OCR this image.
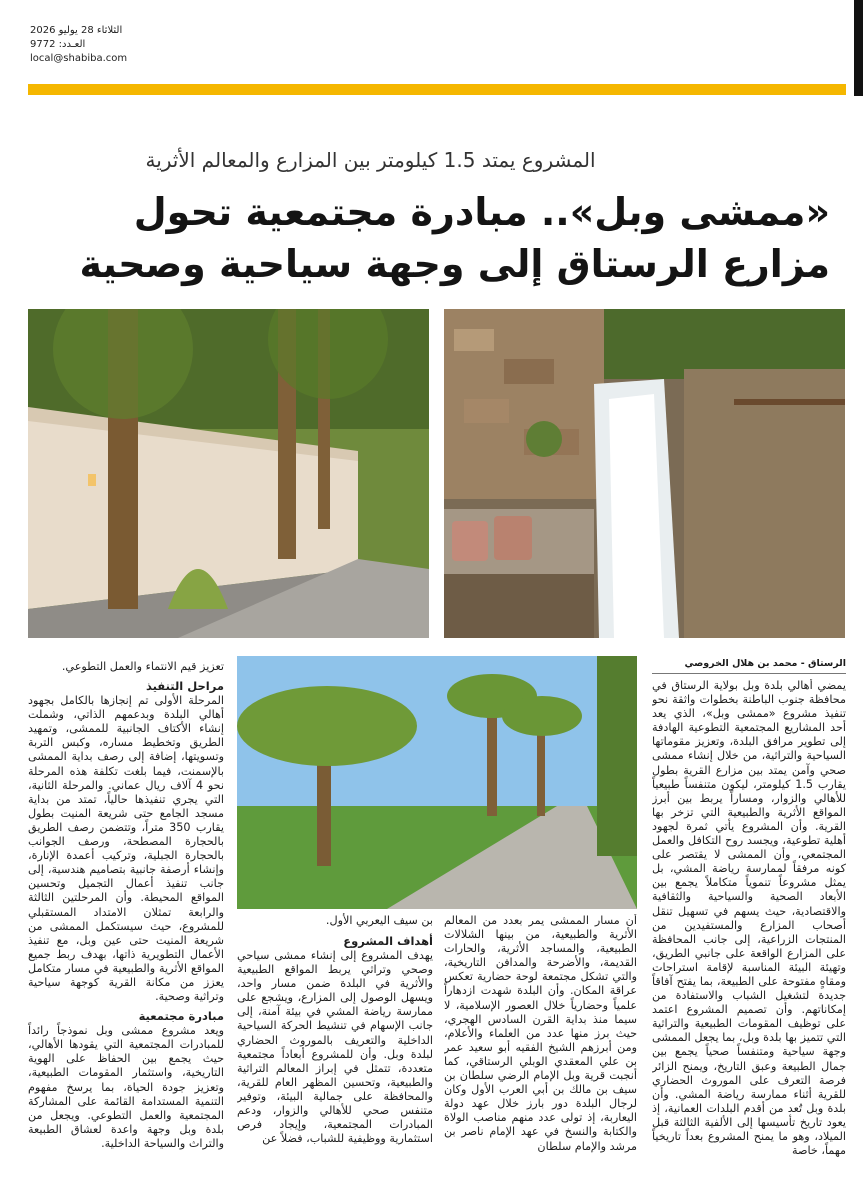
الثلاثاء 28 يوليو 2026
العـدد: 9772
local@shabiba.com
المشروع يمتد 1.5 كيلومتر بين المزارع والمعالم الأثرية
«ممشى وبل».. مبادرة مجتمعية تحول
مزارع الرستاق إلى وجهة سياحية وصحية
الرستاق - محمد بن هلال الخروصي

يمضي أهالي بلدة وبل بولاية الرستاق في محافظة جنوب الباطنة بخطوات واثقة نحو تنفيذ مشروع «ممشى وبل»، الذي يعد أحد المشاريع المجتمعية التطوعية الهادفة إلى تطوير مرافق البلدة، وتعزيز مقوماتها السياحية والتراثية، من خلال إنشاء ممشى صحي وآمن يمتد بين مزارع القرية بطول يقارب 1.5 كيلومتر، ليكون متنفساً طبيعياً للأهالي والزوار، ومساراً يربط بين أبرز المواقع الأثرية والطبيعية التي تزخر بها القرية. وأن المشروع يأتي ثمرة لجهود أهلية تطوعية، ويجسد روح التكافل والعمل المجتمعي، وأن الممشى لا يقتصر على كونه مرفقاً لممارسة رياضة المشي، بل يمثل مشروعاً تنموياً متكاملاً يجمع بين الأبعاد الصحية والسياحية والثقافية والاقتصادية، حيث يسهم في تسهيل تنقل أصحاب المزارع والمستفيدين من المنتجات الزراعية، إلى جانب المحافظة على المزارع الواقعة على جانبي الطريق، وتهيئة البيئة المناسبة لإقامة استراحات ومقاهٍ مفتوحة على الطبيعة، بما يفتح آفاقاً جديدة لتشغيل الشباب والاستفادة من إمكاناتهم. وأن تصميم المشروع اعتمد على توظيف المقومات الطبيعية والتراثية التي تتميز بها بلدة وبل، بما يجعل الممشى وجهة سياحية ومتنفساً صحياً يجمع بين جمال الطبيعة وعبق التاريخ، ويمنح الزائر فرصة التعرف على الموروث الحضاري للقرية أثناء ممارسة رياضة المشي. وأن بلدة وبل تُعد من أقدم البلدات العمانية، إذ يعود تاريخ تأسيسها إلى الألفية الثالثة قبل الميلاد، وهو ما يمنح المشروع بعداً تاريخياً مهماً، خاصة

أن مسار الممشى يمر بعدد من المعالم الأثرية والطبيعية، من بينها الشلالات الطبيعية، والمساجد الأثرية، والحارات القديمة، والأضرحة والمدافن التاريخية، والتي تشكل مجتمعة لوحة حضارية تعكس عراقة المكان. وأن البلدة شهدت ازدهاراً علمياً وحضارياً خلال العصور الإسلامية، لا سيما منذ بداية القرن السادس الهجري، حيث برز منها عدد من العلماء والأعلام، ومن أبرزهم الشيخ الفقيه أبو سعيد عمر بن علي المعقدي الوبلي الرستاقي، كما أنجبت قرية وبل الإمام الرضي سلطان بن سيف بن مالك بن أبي العرب الأول وكان لرجال البلدة دور بارز خلال عهد دولة اليعاربة، إذ تولى عدد منهم مناصب الولاة والكتابة والنسخ في عهد الإمام ناصر بن مرشد والإمام سلطان

بن سيف اليعربي الأول.
أهداف المشروع

يهدف المشروع إلى إنشاء ممشى سياحي وصحي وتراثي يربط المواقع الطبيعية والأثرية في البلدة ضمن مسار واحد، ويسهل الوصول إلى المزارع، ويشجع على ممارسة رياضة المشي في بيئة آمنة، إلى جانب الإسهام في تنشيط الحركة السياحية الداخلية والتعريف بالموروث الحضاري لبلدة وبل. وأن للمشروع أبعاداً مجتمعية متعددة، تتمثل في إبراز المعالم التراثية والطبيعية، وتحسين المظهر العام للقرية، والمحافظة على جمالية البيئة، وتوفير متنفس صحي للأهالي والزوار، ودعم المبادرات المجتمعية، وإيجاد فرص استثمارية ووظيفية للشباب، فضلاً عن

تعزيز قيم الانتماء والعمل التطوعي.

مراحل التنفيذ

المرحلة الأولى تم إنجازها بالكامل بجهود أهالي البلدة وبدعمهم الذاتي، وشملت إنشاء الأكتاف الجانبية للممشى، وتمهيد الطريق وتخطيط مساره، وكبس التربة وتسويتها، إضافة إلى رصف بداية الممشى بالإسمنت، فيما بلغت تكلفة هذه المرحلة نحو 4 آلاف ريال عماني. والمرحلة الثانية، التي يجري تنفيذها حالياً، تمتد من بداية مسجد الجامع حتى شريعة المنيت بطول يقارب 350 متراً، وتتضمن رصف الطريق بالحجارة المصطحة، ورصف الجوانب بالحجارة الجبلية، وتركيب أعمدة الإنارة، وإنشاء أرصفة جانبية بتصاميم هندسية، إلى جانب تنفيذ أعمال التجميل وتحسين المواقع المحيطة. وأن المرحلتين الثالثة والرابعة تمثلان الامتداد المستقبلي للمشروع، حيث سيستكمل الممشى من شريعة المنيت حتى عين وبل، مع تنفيذ الأعمال التطويرية ذاتها، بهدف ربط جميع المواقع الأثرية والطبيعية في مسار متكامل يعزز من مكانة القرية كوجهة سياحية وتراثية وصحية.

مبادرة مجتمعية

ويعد مشروع ممشى وبل نموذجاً رائداً للمبادرات المجتمعية التي يقودها الأهالي، حيث يجمع بين الحفاظ على الهوية التاريخية، واستثمار المقومات الطبيعية، وتعزيز جودة الحياة، بما يرسخ مفهوم التنمية المستدامة القائمة على المشاركة المجتمعية والعمل التطوعي. ويجعل من بلدة وبل وجهة واعدة لعشاق الطبيعة والتراث والسياحة الداخلية.
